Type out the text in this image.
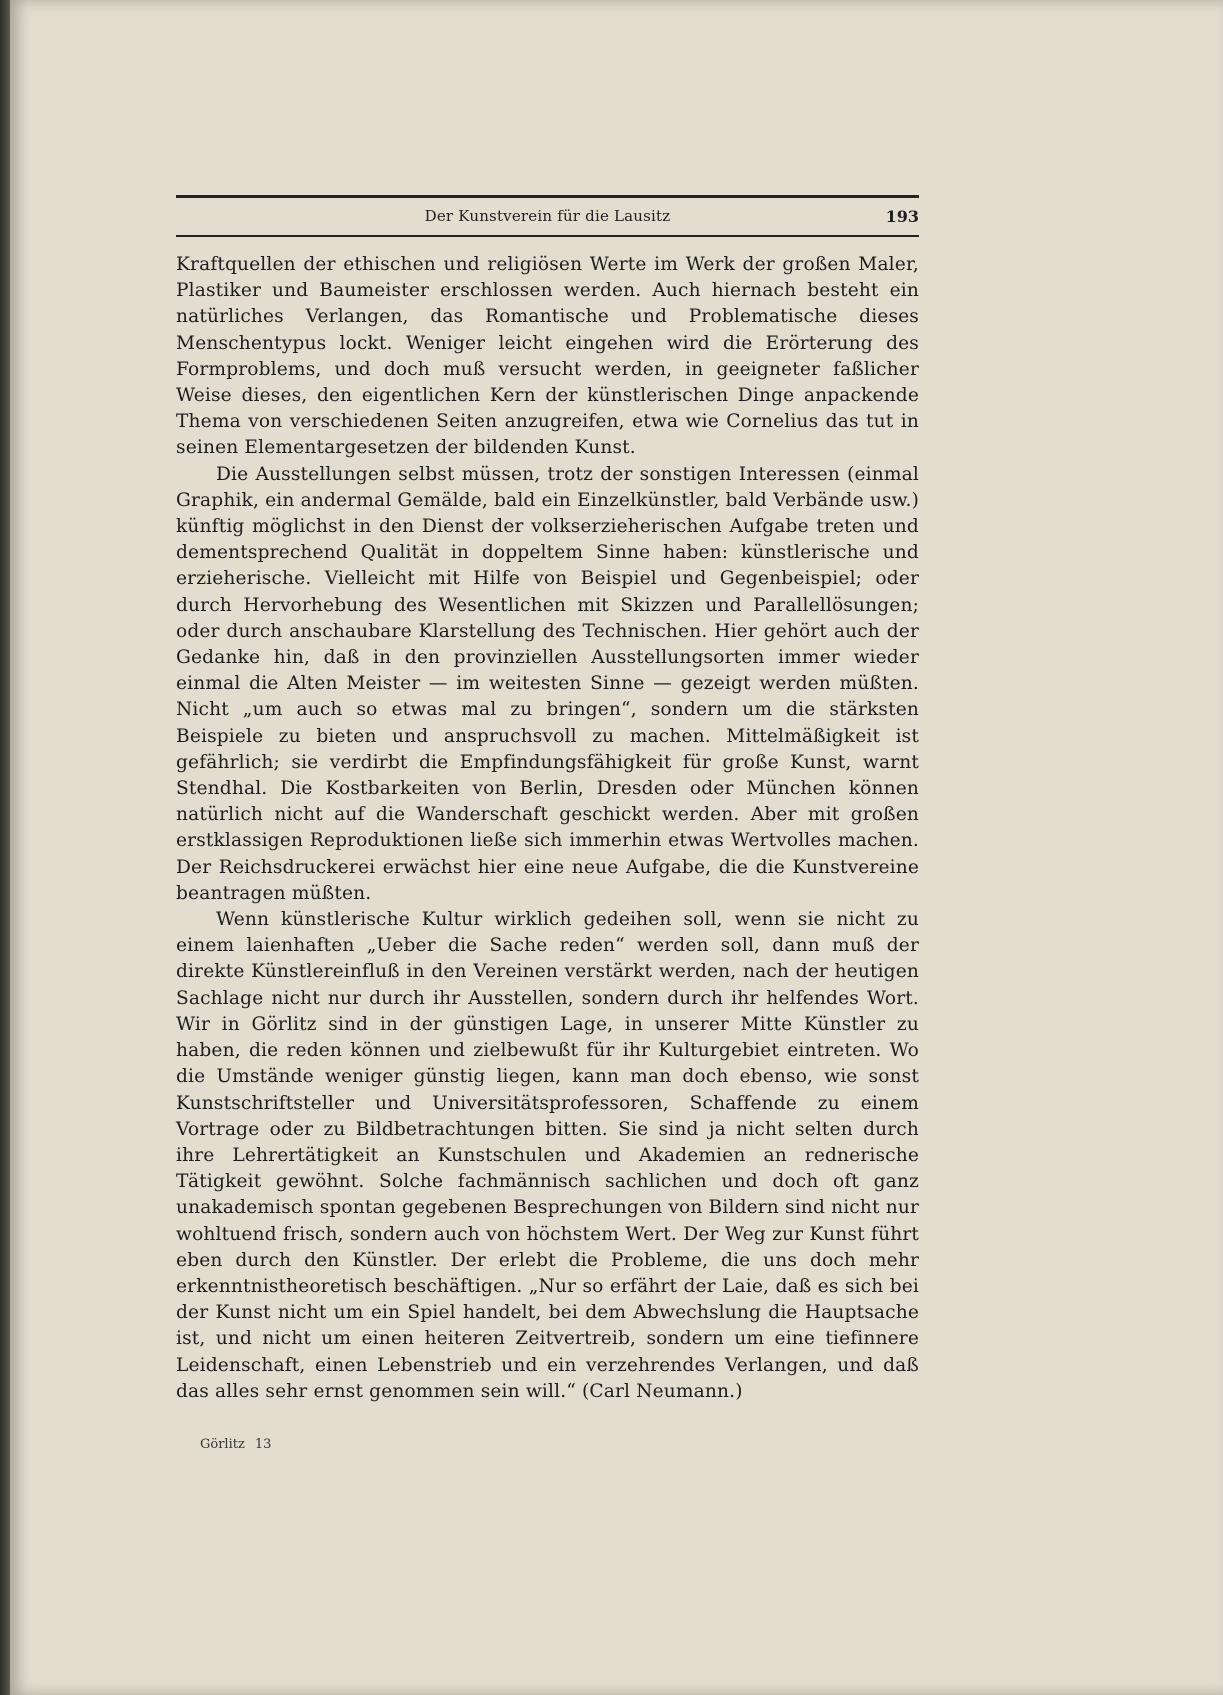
Der Kunstverein für die Lausitz	193

Kraftquellen der ethischen und religiösen Werte im Werk der großen Maler, Plastiker und Baumeister erschlossen werden. Auch hiernach besteht ein natürliches Verlangen, das Romantische und Problematische dieses Menschentypus lockt. Weniger leicht eingehen wird die Erörterung des Formproblems, und doch muß versucht werden, in geeigneter faßlicher Weise dieses, den eigentlichen Kern der künstlerischen Dinge anpackende Thema von verschiedenen Seiten anzugreifen, etwa wie Cornelius das tut in seinen Elementargesetzen der bildenden Kunst.

Die Ausstellungen selbst müssen, trotz der sonstigen Interessen (einmal Graphik, ein andermal Gemälde, bald ein Einzelkünstler, bald Verbände usw.) künftig möglichst in den Dienst der volkserzieherischen Aufgabe treten und dementsprechend Qualität in doppeltem Sinne haben: künstlerische und erzieherische. Vielleicht mit Hilfe von Beispiel und Gegenbeispiel; oder durch Hervorhebung des Wesentlichen mit Skizzen und Parallellösungen; oder durch anschaubare Klarstellung des Technischen. Hier gehört auch der Gedanke hin, daß in den provinziellen Ausstellungsorten immer wieder einmal die Alten Meister — im weitesten Sinne — gezeigt werden müßten. Nicht „um auch so etwas mal zu bringen“, sondern um die stärksten Beispiele zu bieten und anspruchsvoll zu machen. Mittelmäßigkeit ist gefährlich; sie verdirbt die Empfindungsfähigkeit für große Kunst, warnt Stendhal. Die Kostbarkeiten von Berlin, Dresden oder München können natürlich nicht auf die Wanderschaft geschickt werden. Aber mit großen erstklassigen Reproduktionen ließe sich immerhin etwas Wertvolles machen. Der Reichsdruckerei erwächst hier eine neue Aufgabe, die die Kunstvereine beantragen müßten.

Wenn künstlerische Kultur wirklich gedeihen soll, wenn sie nicht zu einem laienhaften „Ueber die Sache reden“ werden soll, dann muß der direkte Künstlereinfluß in den Vereinen verstärkt werden, nach der heutigen Sachlage nicht nur durch ihr Ausstellen, sondern durch ihr helfendes Wort. Wir in Görlitz sind in der günstigen Lage, in unserer Mitte Künstler zu haben, die reden können und zielbewußt für ihr Kulturgebiet eintreten. Wo die Umstände weniger günstig liegen, kann man doch ebenso, wie sonst Kunstschriftsteller und Universitätsprofessoren, Schaffende zu einem Vortrage oder zu Bildbetrachtungen bitten. Sie sind ja nicht selten durch ihre Lehrertätigkeit an Kunstschulen und Akademien an rednerische Tätigkeit gewöhnt. Solche fachmännisch sachlichen und doch oft ganz unakademisch spontan gegebenen Besprechungen von Bildern sind nicht nur wohltuend frisch, sondern auch von höchstem Wert. Der Weg zur Kunst führt eben durch den Künstler. Der erlebt die Probleme, die uns doch mehr erkenntnistheoretisch beschäftigen. „Nur so erfährt der Laie, daß es sich bei der Kunst nicht um ein Spiel handelt, bei dem Abwechslung die Hauptsache ist, und nicht um einen heiteren Zeitvertreib, sondern um eine tiefinnere Leidenschaft, einen Lebenstrieb und ein verzehrendes Verlangen, und daß das alles sehr ernst genommen sein will.“ (Carl Neumann.)

Görlitz 13
